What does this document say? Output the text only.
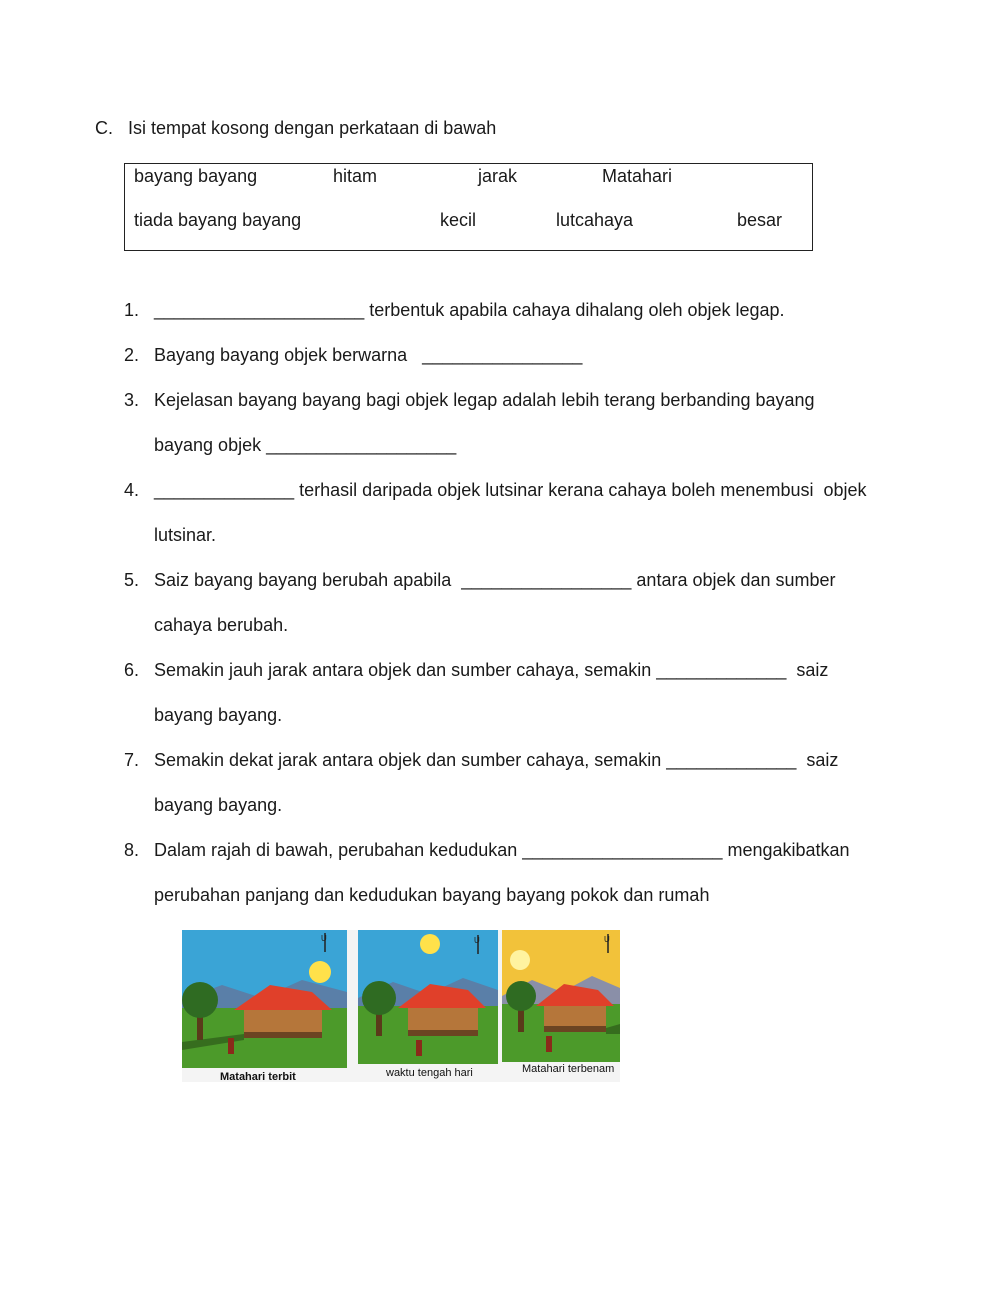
C. Isi tempat kosong dengan perkataan di bawah
bayang bayang	hitam	jarak	Matahari
tiada bayang bayang	kecil	lutcahaya	besar
1. _____________________ terbentuk apabila cahaya dihalang oleh objek legap.
2. Bayang bayang objek berwarna   ________________
3. Kejelasan bayang bayang bagi objek legap adalah lebih terang berbanding bayang
bayang objek ___________________
4. ______________ terhasil daripada objek lutsinar kerana cahaya boleh menembusi  objek
lutsinar.
5. Saiz bayang bayang berubah apabila  _________________ antara objek dan sumber
cahaya berubah.
6. Semakin jauh jarak antara objek dan sumber cahaya, semakin _____________  saiz
bayang bayang.
7. Semakin dekat jarak antara objek dan sumber cahaya, semakin _____________  saiz
bayang bayang.
8. Dalam rajah di bawah, perubahan kedudukan ____________________ mengakibatkan
perubahan panjang dan kedudukan bayang bayang pokok dan rumah
U
Matahari terbit
U
waktu tengah hari
U
Matahari terbenam
